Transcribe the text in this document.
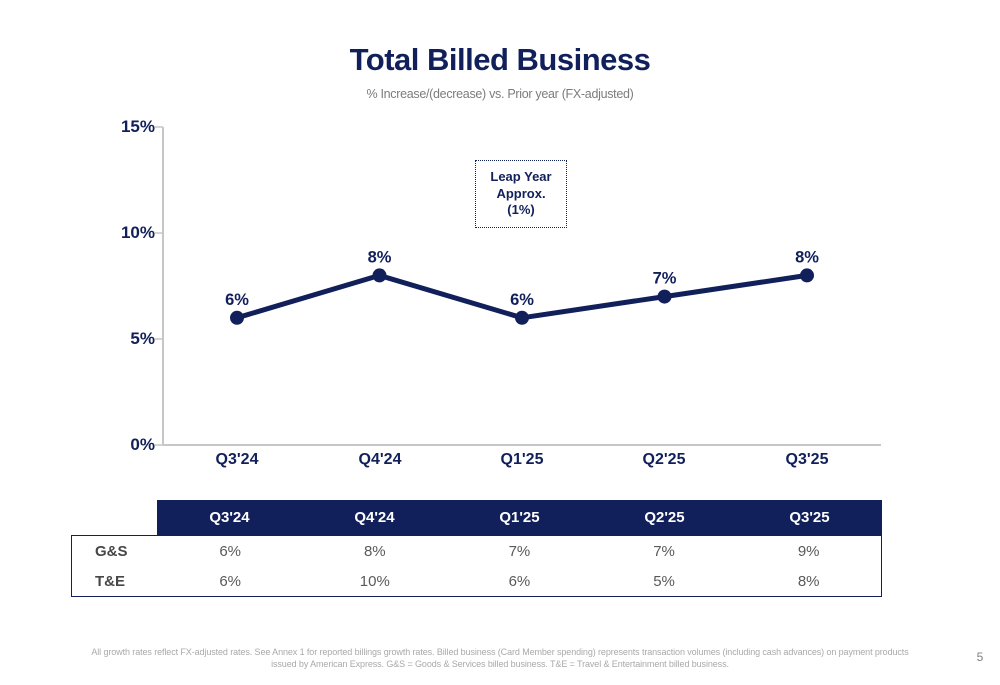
Total Billed Business
% Increase/(decrease) vs. Prior year (FX-adjusted)
6%
8%
6%
7%
8%
15%
10%
5%
0%
Q3'24	Q4'24	Q1'25	Q2'25	Q3'25
Leap Year
Approx.
(1%)
Q3'24	Q4'24	Q1'25	Q2'25	Q3'25
G&S	6%	8%	7%	7%	9%
T&E	6%	10%	6%	5%	8%
All growth rates reflect FX-adjusted rates. See Annex 1 for reported billings growth rates. Billed business (Card Member spending) represents transaction volumes (including cash advances) on payment products
issued by American Express. G&S = Goods & Services billed business. T&E = Travel & Entertainment billed business.	5
